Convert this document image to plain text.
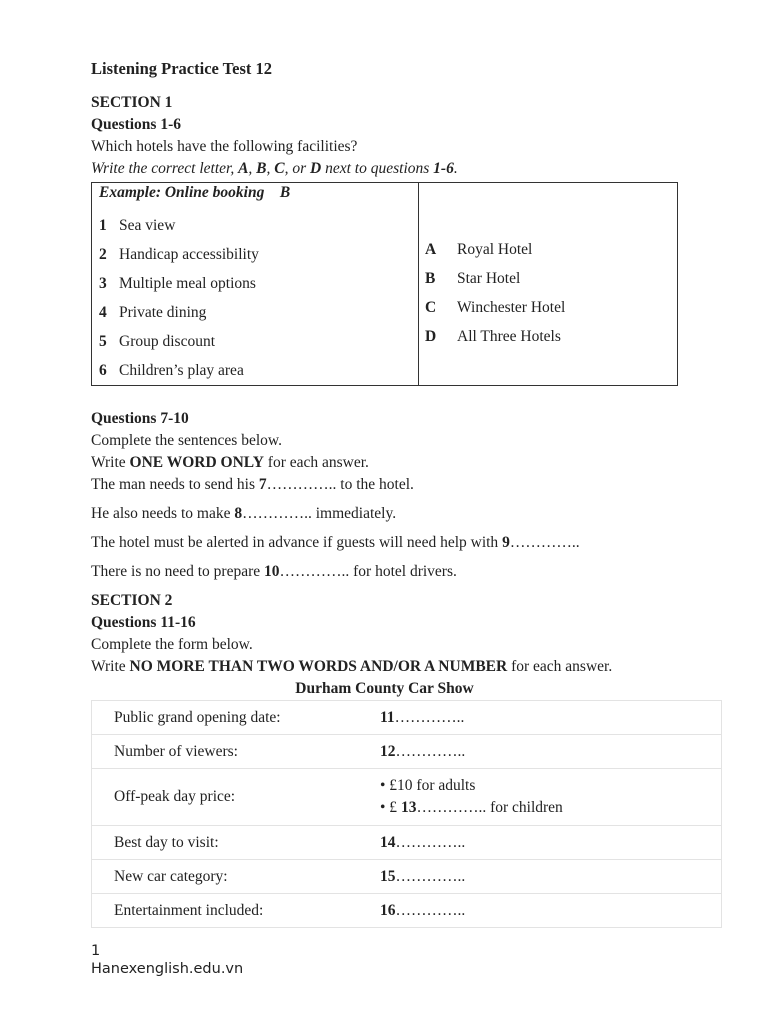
Listening Practice Test 12
SECTION 1
Questions 1-6
Which hotels have the following facilities?
Write the correct letter, A, B, C, or D next to questions 1-6.
Example: Online booking    B
1 Sea view
2 Handicap accessibility
3 Multiple meal options
4 Private dining
5 Group discount
6 Children’s play area

A Royal Hotel
B Star Hotel
C Winchester Hotel
D All Three Hotels
Questions 7-10
Complete the sentences below.
Write ONE WORD ONLY for each answer.
The man needs to send his 7………….. to the hotel.
He also needs to make 8………….. immediately.
The hotel must be alerted in advance if guests will need help with 9…………..
There is no need to prepare 10………….. for hotel drivers.
SECTION 2
Questions 11-16
Complete the form below.
Write NO MORE THAN TWO WORDS AND/OR A NUMBER for each answer.
Durham County Car Show
Public grand opening date:	11…………..
Number of viewers:	12…………..
Off-peak day price:	• £10 for adults
• £ 13………….. for children

Best day to visit:	14…………..
New car category:	15…………..
Entertainment included:	16…………..
1
Hanexenglish.edu.vn
